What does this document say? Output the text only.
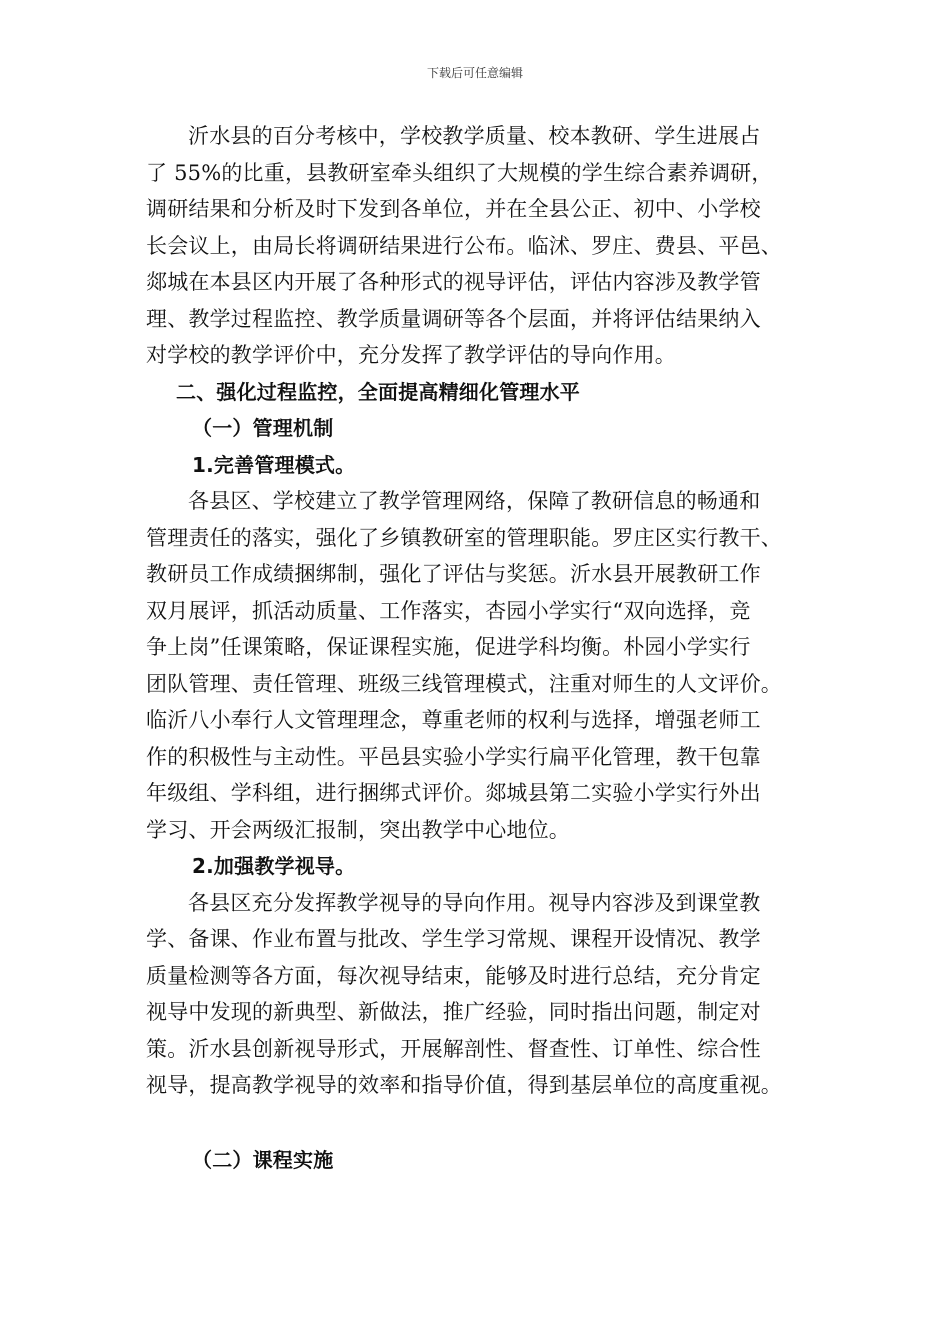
下载后可任意编辑
沂水县的百分考核中，学校教学质量、校本教研、学生进展占
了 55%的比重，县教研室牵头组织了大规模的学生综合素养调研，
调研结果和分析及时下发到各单位，并在全县公正、初中、小学校
长会议上，由局长将调研结果进行公布。临沭、罗庄、费县、平邑、
郯城在本县区内开展了各种形式的视导评估，评估内容涉及教学管
理、教学过程监控、教学质量调研等各个层面，并将评估结果纳入
对学校的教学评价中，充分发挥了教学评估的导向作用。
二、强化过程监控，全面提高精细化管理水平
（一）管理机制
1.完善管理模式。
各县区、学校建立了教学管理网络，保障了教研信息的畅通和
管理责任的落实，强化了乡镇教研室的管理职能。罗庄区实行教干、
教研员工作成绩捆绑制，强化了评估与奖惩。沂水县开展教研工作
双月展评，抓活动质量、工作落实，杏园小学实行“双向选择，竞
争上岗”任课策略，保证课程实施，促进学科均衡。朴园小学实行
团队管理、责任管理、班级三线管理模式，注重对师生的人文评价。
临沂八小奉行人文管理理念，尊重老师的权利与选择，增强老师工
作的积极性与主动性。平邑县实验小学实行扁平化管理，教干包靠
年级组、学科组，进行捆绑式评价。郯城县第二实验小学实行外出
学习、开会两级汇报制，突出教学中心地位。
2.加强教学视导。
各县区充分发挥教学视导的导向作用。视导内容涉及到课堂教
学、备课、作业布置与批改、学生学习常规、课程开设情况、教学
质量检测等各方面，每次视导结束，能够及时进行总结，充分肯定
视导中发现的新典型、新做法，推广经验，同时指出问题，制定对
策。沂水县创新视导形式，开展解剖性、督查性、订单性、综合性
视导，提高教学视导的效率和指导价值，得到基层单位的高度重视。
（二）课程实施
